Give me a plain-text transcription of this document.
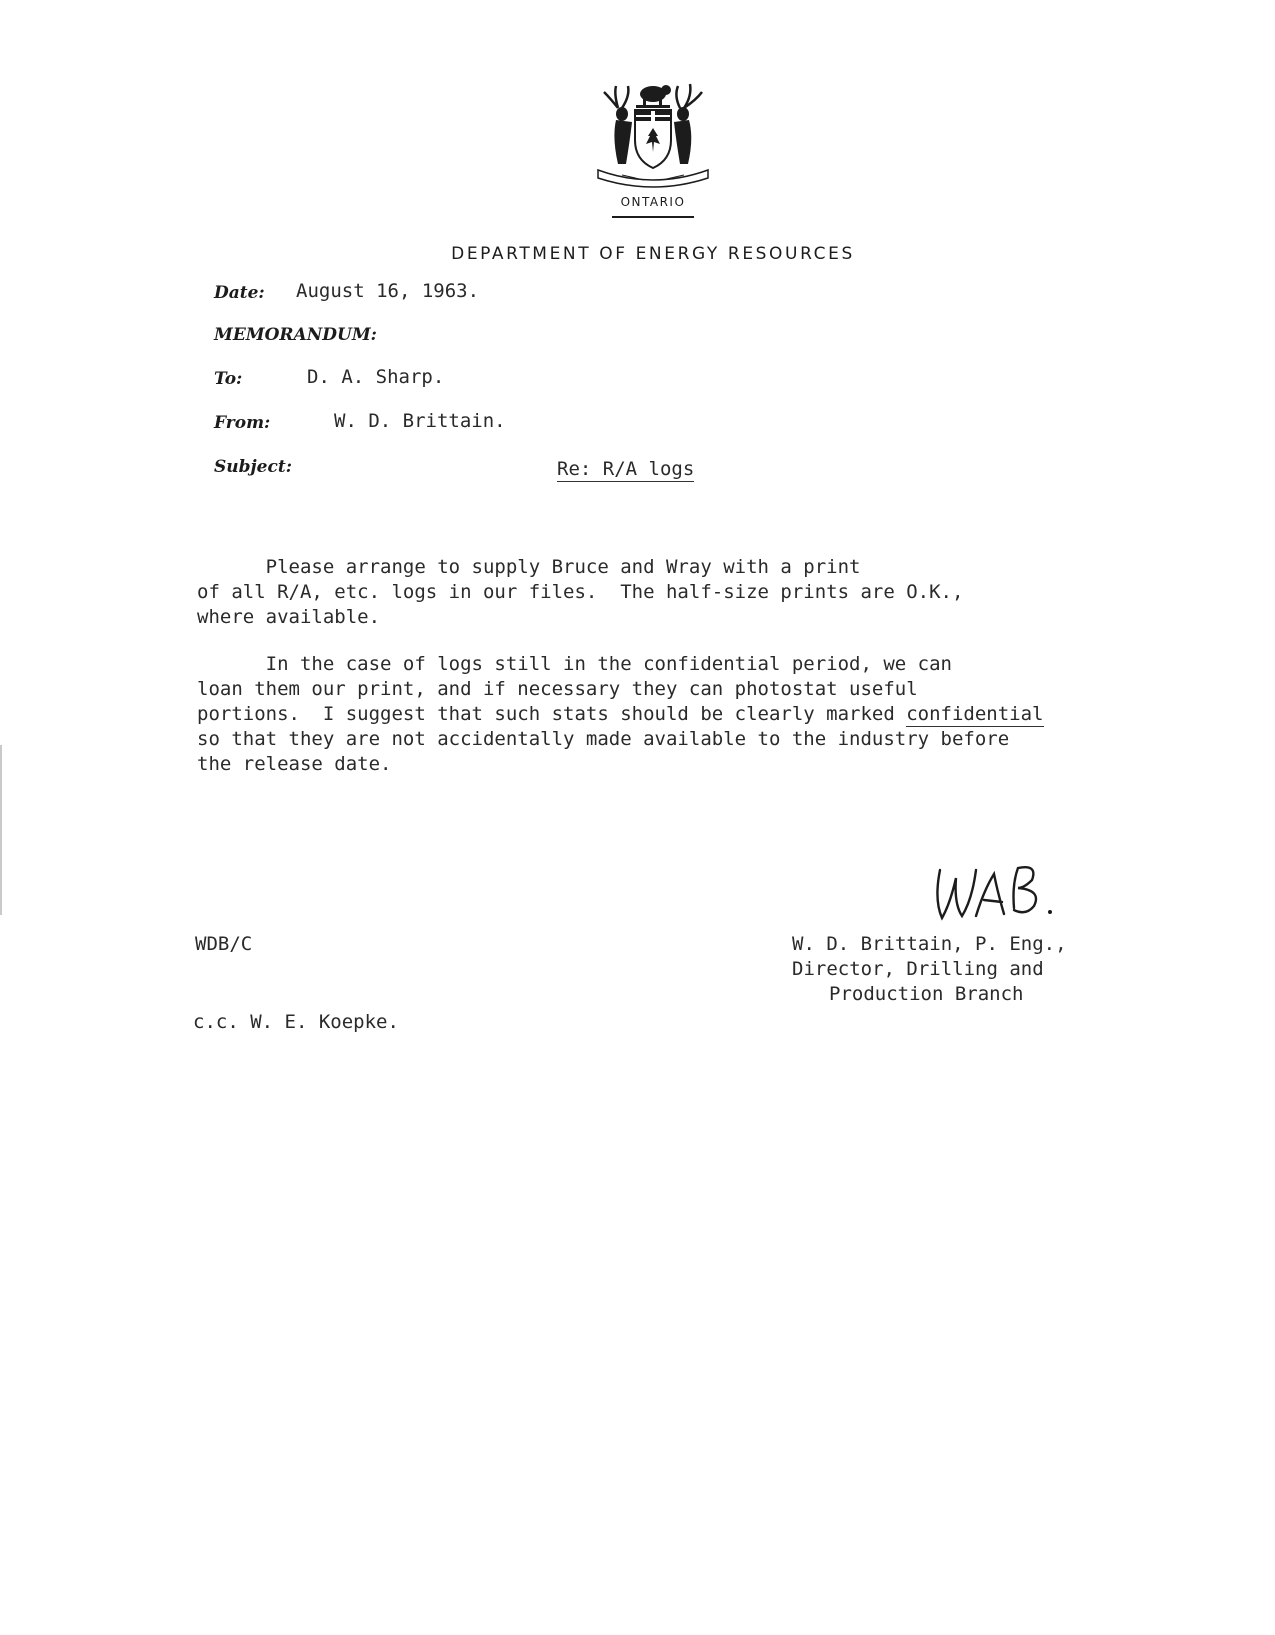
ONTARIO
DEPARTMENT OF ENERGY RESOURCES
Date: August 16, 1963.
MEMORANDUM:
To:	D. A. Sharp.
From:	W. D. Brittain.
Subject:	Re: R/A logs
Please arrange to supply Bruce and Wray with a print
of all R/A, etc. logs in our files.  The half-size prints are O.K.,
where available.
In the case of logs still in the confidential period, we can
loan them our print, and if necessary they can photostat useful
portions.  I suggest that such stats should be clearly marked confidential
so that they are not accidentally made available to the industry before
the release date.
WDB/C	W. D. Brittain, P. Eng.,
Director, Drilling and
Production Branch
c.c. W. E. Koepke.
